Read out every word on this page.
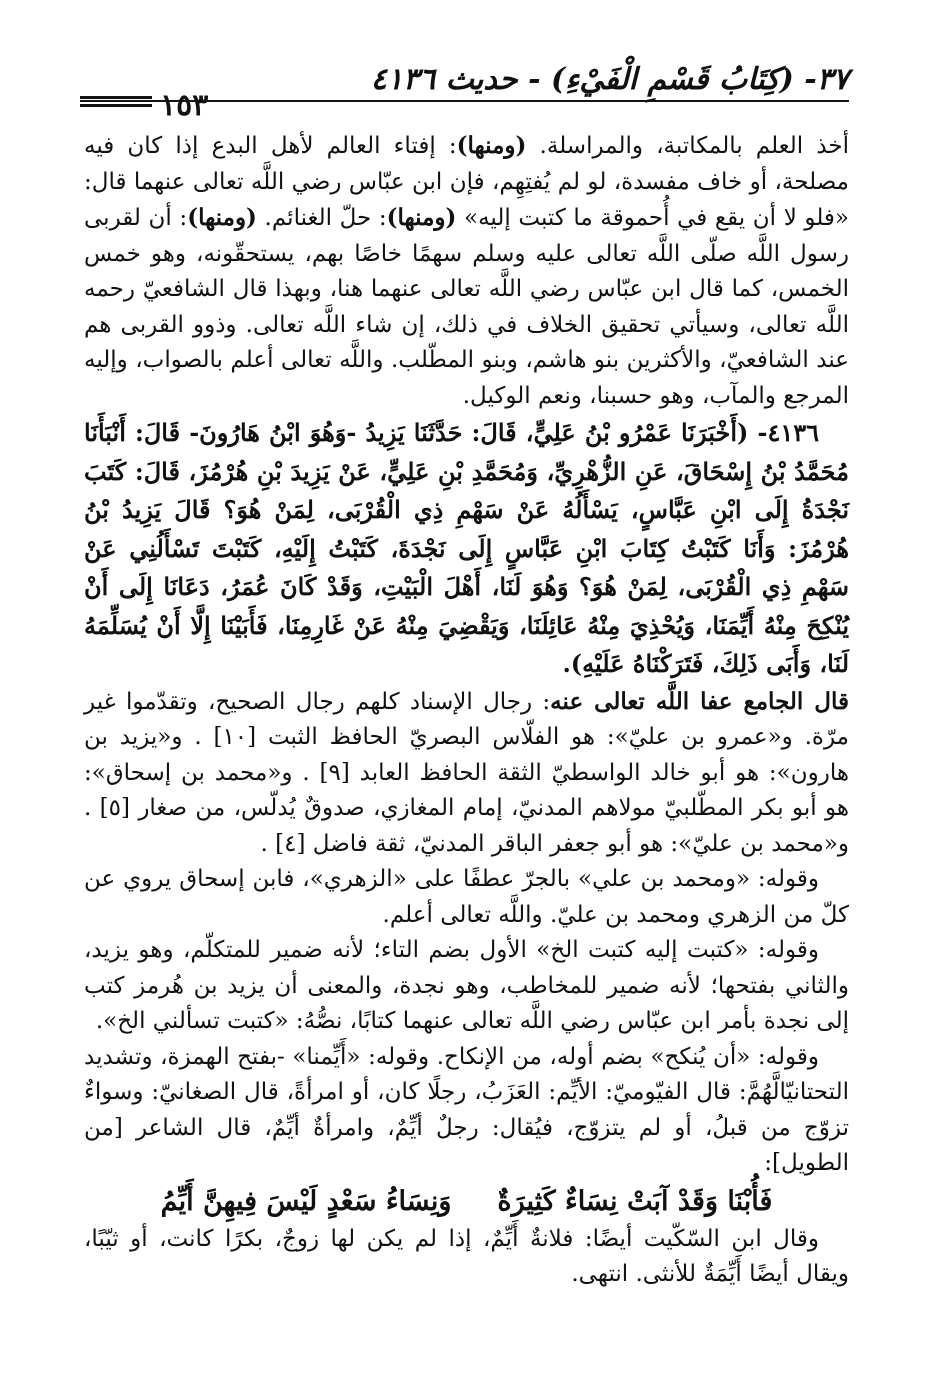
٣٧- (كِتَابُ قَسْمِ الْفَيْءِ) - حديث ٤١٣٦
١٥٣

أخذ العلم بالمكاتبة، والمراسلة. (ومنها): إفتاء العالم لأهل البدع إذا كان فيه مصلحة، أو خاف مفسدة، لو لم يُفتِهِم، فإن ابن عبّاس رضي اللَّه تعالى عنهما قال: «فلو لا أن يقع في أُحموقة ما كتبت إليه» (ومنها): حلّ الغنائم. (ومنها): أن لقربى رسول اللَّه صلّى اللَّه تعالى عليه وسلم سهمًا خاصًا بهم، يستحقّونه، وهو خمس الخمس، كما قال ابن عبّاس رضي اللَّه تعالى عنهما هنا، وبهذا قال الشافعيّ رحمه اللَّه تعالى، وسيأتي تحقيق الخلاف في ذلك، إن شاء اللَّه تعالى. وذوو القربى هم عند الشافعيّ، والأكثرين بنو هاشم، وبنو المطّلب. واللَّه تعالى أعلم بالصواب، وإليه المرجع والمآب، وهو حسبنا، ونعم الوكيل.

٤١٣٦- (أَخْبَرَنَا عَمْرُو بْنُ عَلِيٍّ، قَالَ: حَدَّثَنَا يَزِيدُ -وَهُوَ ابْنُ هَارُونَ- قَالَ: أَنْبَأَنَا مُحَمَّدُ بْنُ إِسْحَاقَ، عَنِ الزُّهْرِيِّ، وَمُحَمَّدِ بْنِ عَلِيٍّ، عَنْ يَزِيدَ بْنِ هُرْمُزَ، قَالَ: كَتَبَ نَجْدَةُ إِلَى ابْنِ عَبَّاسٍ، يَسْأَلُهُ عَنْ سَهْمِ ذِي الْقُرْبَى، لِمَنْ هُوَ؟ قَالَ يَزِيدُ بْنُ هُرْمُزَ: وَأَنَا كَتَبْتُ كِتَابَ ابْنِ عَبَّاسٍ إِلَى نَجْدَةَ، كَتَبْتُ إِلَيْهِ، كَتَبْتَ تَسْأَلُنِي عَنْ سَهْمِ ذِي الْقُرْبَى، لِمَنْ هُوَ؟ وَهُوَ لَنَا، أَهْلَ الْبَيْتِ، وَقَدْ كَانَ عُمَرُ، دَعَانَا إِلَى أَنْ يُنْكِحَ مِنْهُ أَيِّمَنَا، وَيُحْذِيَ مِنْهُ عَائِلَنَا، وَيَقْضِيَ مِنْهُ عَنْ غَارِمِنَا، فَأَبَيْنَا إِلَّا أَنْ يُسَلِّمَهُ لَنَا، وَأَبَى ذَلِكَ، فَتَرَكْنَاهُ عَلَيْهِ).

قال الجامع عفا اللَّه تعالى عنه: رجال الإسناد كلهم رجال الصحيح، وتقدّموا غير مرّة. و«عمرو بن عليّ»: هو الفلّاس البصريّ الحافظ الثبت [١٠] . و«يزيد بن هارون»: هو أبو خالد الواسطيّ الثقة الحافظ العابد [٩] . و«محمد بن إسحاق»: هو أبو بكر المطّلبيّ مولاهم المدنيّ، إمام المغازي، صدوقٌ يُدلّس، من صغار [٥] . و«محمد بن عليّ»: هو أبو جعفر الباقر المدنيّ، ثقة فاضل [٤] .

وقوله: «ومحمد بن علي» بالجرّ عطفًا على «الزهري»، فابن إسحاق يروي عن كلّ من الزهري ومحمد بن عليّ. واللَّه تعالى أعلم.

وقوله: «كتبت إليه كتبت الخ» الأول بضم التاء؛ لأنه ضمير للمتكلّم، وهو يزيد، والثاني بفتحها؛ لأنه ضمير للمخاطب، وهو نجدة، والمعنى أن يزيد بن هُرمز كتب إلى نجدة بأمر ابن عبّاس رضي اللَّه تعالى عنهما كتابًا، نصُّهُ: «كتبت تسألني الخ».

وقوله: «أن يُنكح» بضم أوله، من الإنكاح. وقوله: «أَيِّمنا» -بفتح الهمزة، وتشديد التحتانيّالَّهُمَّ: قال الفيّوميّ: الأيِّم: العَزَبُ، رجلًا كان، أو امرأةً، قال الصغانيّ: وسواءٌ تزوّج من قبلُ، أو لم يتزوّج، فيُقال: رجلٌ أيِّمٌ، وامرأةٌ أيِّمٌ، قال الشاعر [من الطويل]:

فَأُبْنَا وَقَدْ آبَتْ نِسَاءٌ كَثِيرَةٌ
وَنِسَاءُ سَعْدٍ لَيْسَ فِيهِنَّ أَيِّمُ

وقال ابن السّكّيت أيضًا: فلانةٌ أَيِّمٌ، إذا لم يكن لها زوجٌ، بكرًا كانت، أو ثيّبًا، ويقال أيضًا أَيِّمَةٌ للأنثى. انتهى.
